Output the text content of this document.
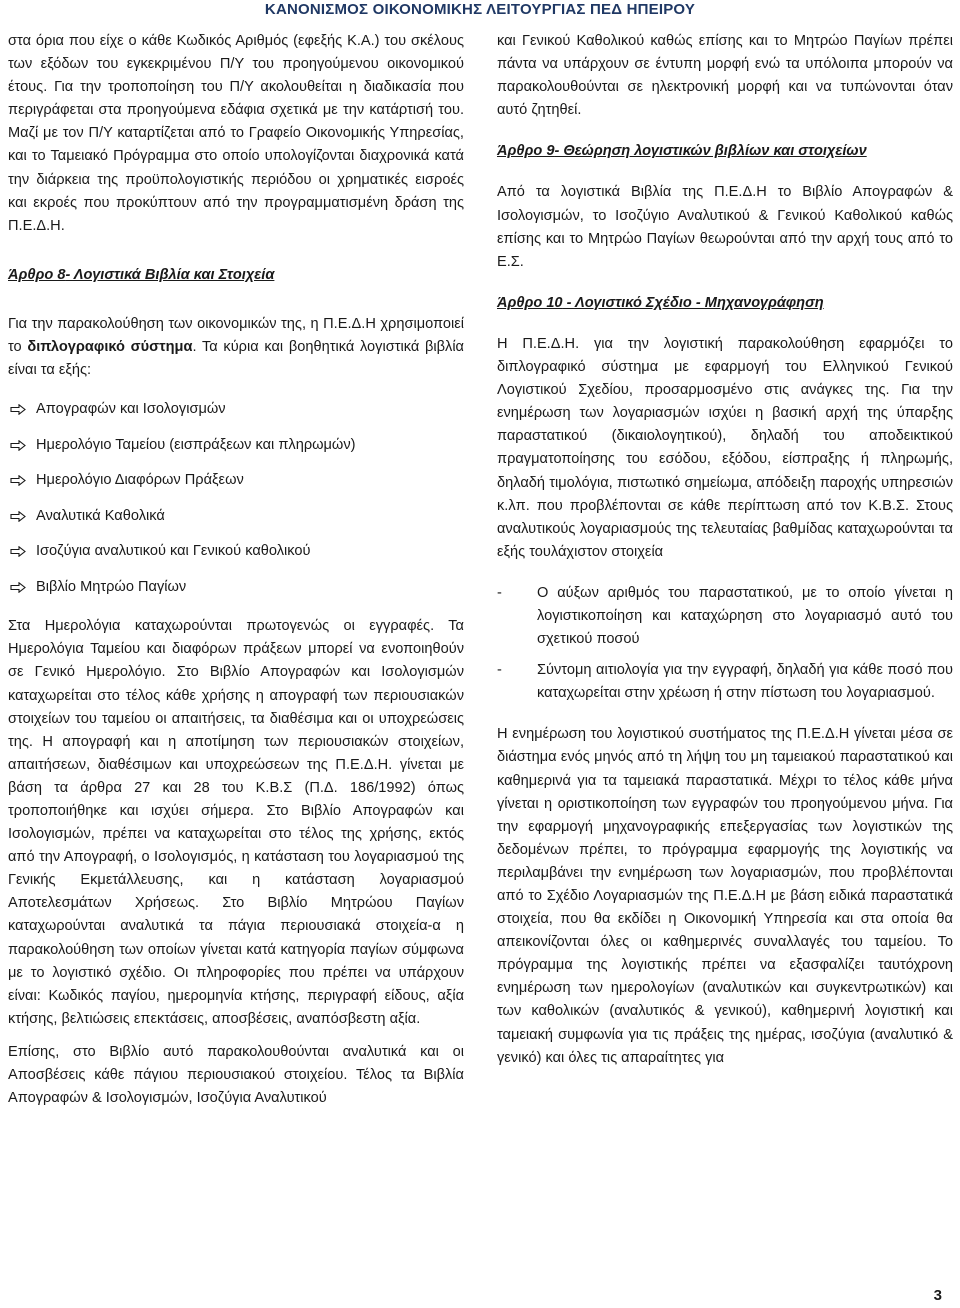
ΚΑΝΟΝΙΣΜΟΣ ΟΙΚΟΝΟΜΙΚΗΣ ΛΕΙΤΟΥΡΓΙΑΣ ΠΕΔ ΗΠΕΙΡΟΥ

στα όρια που είχε ο κάθε Κωδικός Αριθμός (εφεξής Κ.Α.) του σκέλους των εξόδων του εγκεκριμένου Π/Υ του προηγούμενου οικονομικού έτους. Για την τροποποίηση του Π/Υ ακολουθείται η διαδικασία που περιγράφεται στα προηγούμενα εδάφια σχετικά με την κατάρτισή του. Μαζί με τον Π/Υ καταρτίζεται από το Γραφείο Οικονομικής Υπηρεσίας, και το Ταμειακό Πρόγραμμα στο οποίο υπολογίζονται διαχρονικά κατά την διάρκεια της προϋπολογιστικής περιόδου οι χρηματικές εισροές και εκροές που προκύπτουν από την προγραμματισμένη δράση της Π.Ε.Δ.Η.

Άρθρο 8- Λογιστικά Βιβλία και Στοιχεία

Για την παρακολούθηση των οικονομικών της, η Π.Ε.Δ.Η χρησιμοποιεί το διπλογραφικό σύστημα. Τα κύρια και βοηθητικά λογιστικά βιβλία είναι τα εξής:

Απογραφών και Ισολογισμών
Ημερολόγιο Ταμείου (εισπράξεων και πληρωμών)
Ημερολόγιο Διαφόρων Πράξεων
Αναλυτικά Καθολικά
Ισοζύγια αναλυτικού και Γενικού καθολικού
Βιβλίο Μητρώο Παγίων

Στα Ημερολόγια καταχωρούνται πρωτογενώς οι εγγραφές. Τα Ημερολόγια Ταμείου και διαφόρων πράξεων μπορεί να ενοποιηθούν σε Γενικό Ημερολόγιο. Στο Βιβλίο Απογραφών και Ισολογισμών καταχωρείται στο τέλος κάθε χρήσης η απογραφή των περιουσιακών στοιχείων του ταμείου οι απαιτήσεις, τα διαθέσιμα και οι υποχρεώσεις της. Η απογραφή και η αποτίμηση των περιουσιακών στοιχείων, απαιτήσεων, διαθέσιμων και υποχρεώσεων της Π.Ε.Δ.Η. γίνεται με βάση τα άρθρα 27 και 28 του Κ.Β.Σ (Π.Δ. 186/1992) όπως τροποποιήθηκε και ισχύει σήμερα. Στο Βιβλίο Απογραφών και Ισολογισμών, πρέπει να καταχωρείται στο τέλος της χρήσης, εκτός από την Απογραφή, ο Ισολογισμός, η κατάσταση του λογαριασμού της Γενικής Εκμετάλλευσης, και η κατάσταση λογαριασμού Αποτελεσμάτων Χρήσεως. Στο Βιβλίο Μητρώου Παγίων καταχωρούνται αναλυτικά τα πάγια περιουσιακά στοιχεία-α η παρακολούθηση των οποίων γίνεται κατά κατηγορία παγίων σύμφωνα με το λογιστικό σχέδιο. Οι πληροφορίες που πρέπει να υπάρχουν είναι: Κωδικός παγίου, ημερομηνία κτήσης, περιγραφή είδους, αξία κτήσης, βελτιώσεις επεκτάσεις, αποσβέσεις, αναπόσβεστη αξία.

Επίσης, στο Βιβλίο αυτό παρακολουθούνται αναλυτικά και οι Αποσβέσεις κάθε πάγιου περιουσιακού στοιχείου. Τέλος τα Βιβλία Απογραφών & Ισολογισμών, Ισοζύγια Αναλυτικού

και Γενικού Καθολικού καθώς επίσης και το Μητρώο Παγίων πρέπει πάντα να υπάρχουν σε έντυπη μορφή ενώ τα υπόλοιπα μπορούν να παρακολουθούνται σε ηλεκτρονική μορφή και να τυπώνονται όταν αυτό ζητηθεί.

Άρθρο 9- Θεώρηση λογιστικών βιβλίων και στοιχείων

Από τα λογιστικά Βιβλία της Π.Ε.Δ.Η το Βιβλίο Απογραφών & Ισολογισμών, το Ισοζύγιο Αναλυτικού & Γενικού Καθολικού καθώς επίσης και το Μητρώο Παγίων θεωρούνται από την αρχή τους από το Ε.Σ.

Άρθρο 10 - Λογιστικό Σχέδιο - Μηχανογράφηση

Η Π.Ε.Δ.Η. για την λογιστική παρακολούθηση εφαρμόζει το διπλογραφικό σύστημα με εφαρμογή του Ελληνικού Γενικού Λογιστικού Σχεδίου, προσαρμοσμένο στις ανάγκες της. Για την ενημέρωση των λογαριασμών ισχύει η βασική αρχή της ύπαρξης παραστατικού (δικαιολογητικού), δηλαδή του αποδεικτικού πραγματοποίησης του εσόδου, εξόδου, είσπραξης ή πληρωμής, δηλαδή τιμολόγια, πιστωτικό σημείωμα, απόδειξη παροχής υπηρεσιών κ.λπ. που προβλέπονται σε κάθε περίπτωση από τον Κ.Β.Σ. Στους αναλυτικούς λογαριασμούς της τελευταίας βαθμίδας καταχωρούνται τα εξής τουλάχιστον στοιχεία

- Ο αύξων αριθμός του παραστατικού, με το οποίο γίνεται η λογιστικοποίηση και καταχώρηση στο λογαριασμό αυτό του σχετικού ποσού
- Σύντομη αιτιολογία για την εγγραφή, δηλαδή για κάθε ποσό που καταχωρείται στην χρέωση ή στην πίστωση του λογαριασμού.

Η ενημέρωση του λογιστικού συστήματος της Π.Ε.Δ.Η γίνεται μέσα σε διάστημα ενός μηνός από τη λήψη του μη ταμειακού παραστατικού και καθημερινά για τα ταμειακά παραστατικά. Μέχρι το τέλος κάθε μήνα γίνεται η οριστικοποίηση των εγγραφών του προηγούμενου μήνα. Για την εφαρμογή μηχανογραφικής επεξεργασίας των λογιστικών της δεδομένων πρέπει, το πρόγραμμα εφαρμογής της λογιστικής να περιλαμβάνει την ενημέρωση των λογαριασμών, που προβλέπονται από το Σχέδιο Λογαριασμών της Π.Ε.Δ.Η με βάση ειδικά παραστατικά στοιχεία, που θα εκδίδει η Οικονομική Υπηρεσία και στα οποία θα απεικονίζονται όλες οι καθημερινές συναλλαγές του ταμείου. Το πρόγραμμα της λογιστικής πρέπει να εξασφαλίζει ταυτόχρονη ενημέρωση των ημερολογίων (αναλυτικών και συγκεντρωτικών) και των καθολικών (αναλυτικός & γενικού), καθημερινή λογιστική και ταμειακή συμφωνία για τις πράξεις της ημέρας, ισοζύγια (αναλυτικό & γενικό) και όλες τις απαραίτητες για

3
